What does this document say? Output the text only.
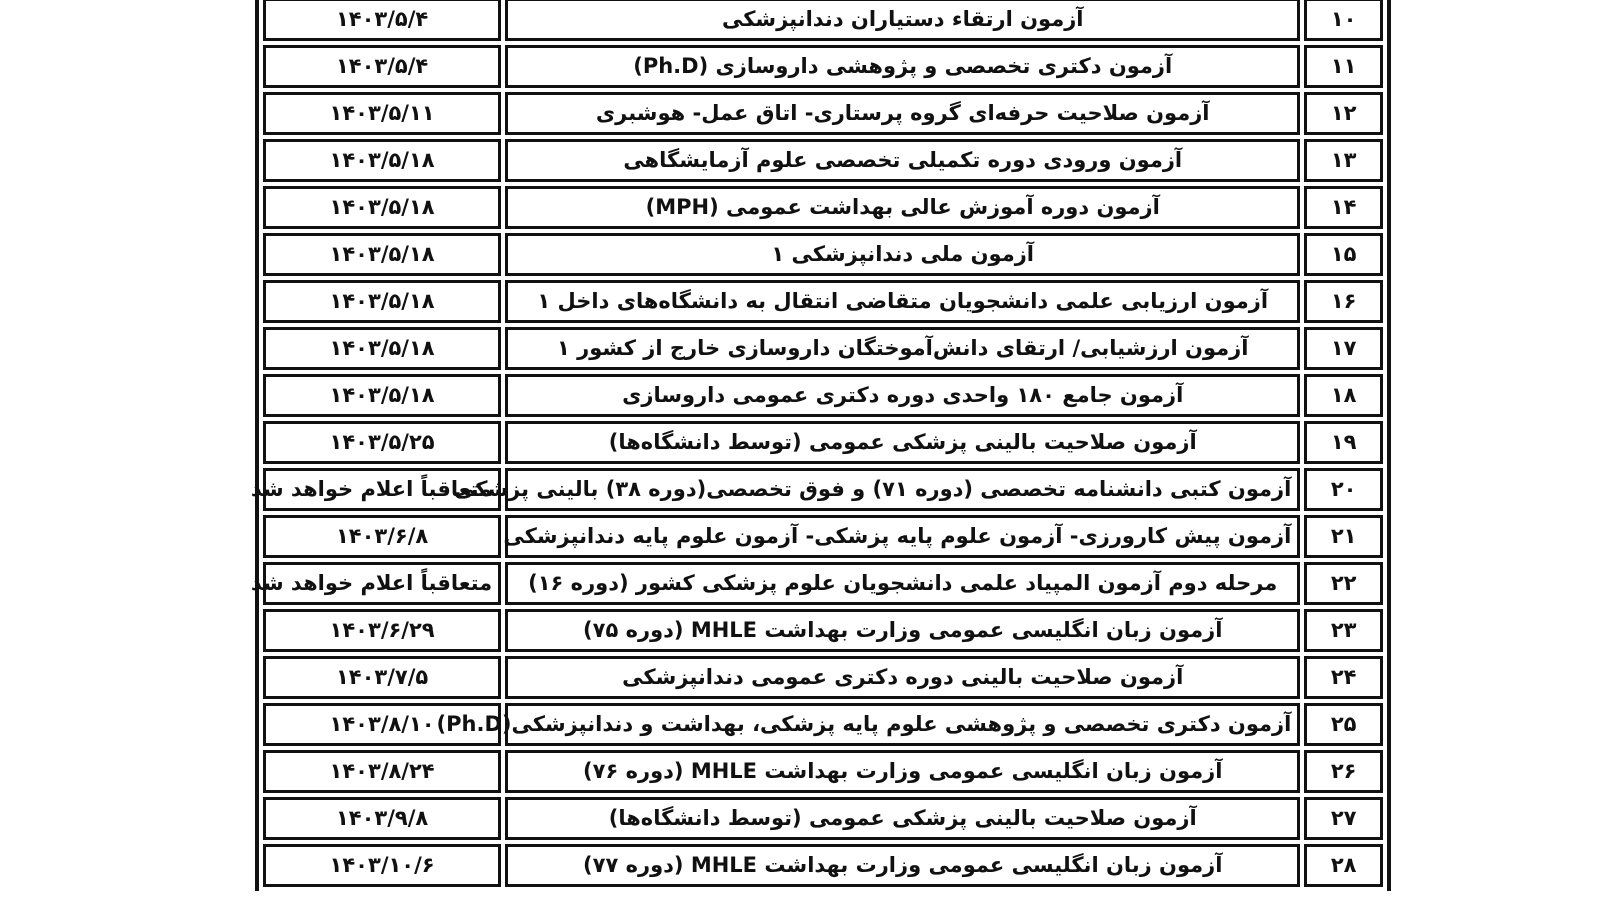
۱۰	آزمون ارتقاء دستیاران دندانپزشکی	۱۴۰۳/۵/۴
۱۱	آزمون دکتری تخصصی و پژوهشی داروسازی (Ph.D)	۱۴۰۳/۵/۴
۱۲	آزمون صلاحیت حرفه‌ای گروه پرستاری- اتاق عمل- هوشبری	۱۴۰۳/۵/۱۱
۱۳	آزمون ورودی دوره تکمیلی تخصصی علوم آزمایشگاهی	۱۴۰۳/۵/۱۸
۱۴	آزمون دوره آموزش عالی بهداشت عمومی (MPH)	۱۴۰۳/۵/۱۸
۱۵	آزمون ملی دندانپزشکی ۱	۱۴۰۳/۵/۱۸
۱۶	آزمون ارزیابی علمی دانشجویان متقاضی انتقال به دانشگاه‌های داخل ۱	۱۴۰۳/۵/۱۸
۱۷	آزمون ارزشیابی/ ارتقای دانش‌آموختگان داروسازی خارج از کشور ۱	۱۴۰۳/۵/۱۸
۱۸	آزمون جامع ۱۸۰ واحدی دوره دکتری عمومی داروسازی	۱۴۰۳/۵/۱۸
۱۹	آزمون صلاحیت بالینی پزشکی عمومی (توسط دانشگاه‌ها)	۱۴۰۳/۵/۲۵
۲۰	آزمون کتبی دانشنامه تخصصی (دوره ۷۱) و فوق تخصصی(دوره ۳۸) بالینی پزشکی	متعاقباً اعلام خواهد شد
۲۱	آزمون پیش کارورزی- آزمون علوم پایه پزشکی- آزمون علوم پایه دندانپزشکی	۱۴۰۳/۶/۸
۲۲	مرحله دوم آزمون المپیاد علمی دانشجویان علوم پزشکی کشور (دوره ۱۶)	متعاقباً اعلام خواهد شد
۲۳	آزمون زبان انگلیسی عمومی وزارت بهداشت MHLE (دوره ۷۵)	۱۴۰۳/۶/۲۹
۲۴	آزمون صلاحیت بالینی دوره دکتری عمومی دندانپزشکی	۱۴۰۳/۷/۵
۲۵	آزمون دکتری تخصصی و پژوهشی علوم پایه پزشکی، بهداشت و دندانپزشکی(Ph.D)	۱۴۰۳/۸/۱۰
۲۶	آزمون زبان انگلیسی عمومی وزارت بهداشت MHLE (دوره ۷۶)	۱۴۰۳/۸/۲۴
۲۷	آزمون صلاحیت بالینی پزشکی عمومی (توسط دانشگاه‌ها)	۱۴۰۳/۹/۸
۲۸	آزمون زبان انگلیسی عمومی وزارت بهداشت MHLE (دوره ۷۷)	۱۴۰۳/۱۰/۶
